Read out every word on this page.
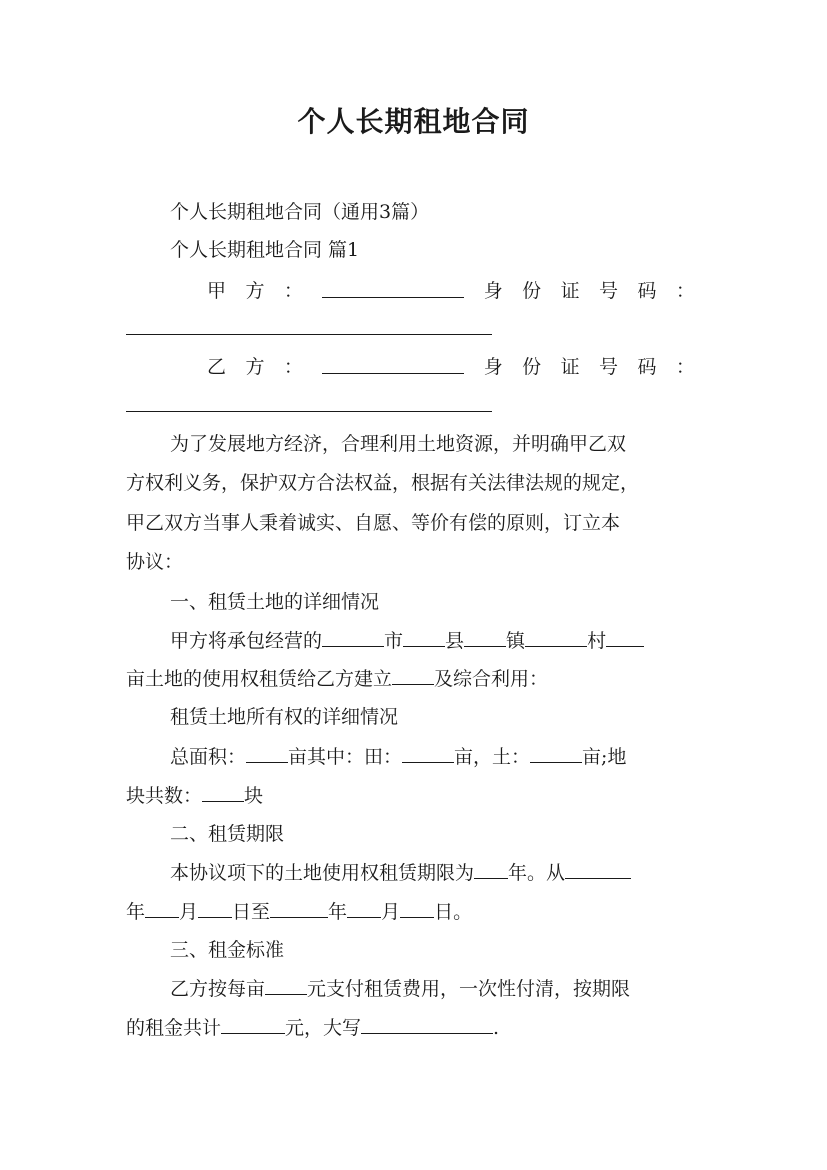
个人长期租地合同
个人长期租地合同（通用3篇）
个人长期租地合同 篇1
甲 方 ：	身 份 证 号 码 ：
乙 方 ：	身 份 证 号 码 ：
为了发展地方经济，合理利用土地资源，并明确甲乙双
方权利义务，保护双方合法权益，根据有关法律法规的规定，
甲乙双方当事人秉着诚实、自愿、等价有偿的原则，订立本
协议：
一、租赁土地的详细情况
甲方将承包经营的	市 县 镇	村
亩土地的使用权租赁给乙方建立 及综合利用：
租赁土地所有权的详细情况
总面积： 亩其中：田：	亩，土：	亩;地
块共数： 块
二、租赁期限
本协议项下的土地使用权租赁期限为 年。从
年 月 日至	年 月 日。
三、租金标准
乙方按每亩 元支付租赁费用，一次性付清，按期限
的租金共计	元，大写	.
